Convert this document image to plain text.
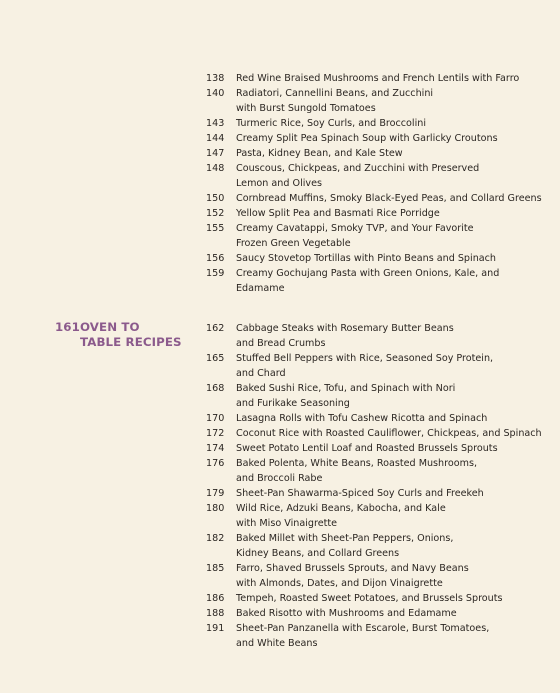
138	Red Wine Braised Mushrooms and French Lentils with Farro
140	Radiatori, Cannellini Beans, and Zucchini
with Burst Sungold Tomatoes
143	Turmeric Rice, Soy Curls, and Broccolini
144	Creamy Split Pea Spinach Soup with Garlicky Croutons
147	Pasta, Kidney Bean, and Kale Stew
148	Couscous, Chickpeas, and Zucchini with Preserved
Lemon and Olives
150	Cornbread Muffins, Smoky Black-Eyed Peas, and Collard Greens
152	Yellow Split Pea and Basmati Rice Porridge
155	Creamy Cavatappi, Smoky TVP, and Your Favorite
Frozen Green Vegetable
156	Saucy Stovetop Tortillas with Pinto Beans and Spinach
159	Creamy Gochujang Pasta with Green Onions, Kale, and
Edamame
161OVEN TO
TABLE RECIPES
162	Cabbage Steaks with Rosemary Butter Beans
and Bread Crumbs
165	Stuffed Bell Peppers with Rice, Seasoned Soy Protein,
and Chard
168	Baked Sushi Rice, Tofu, and Spinach with Nori
and Furikake Seasoning
170	Lasagna Rolls with Tofu Cashew Ricotta and Spinach
172	Coconut Rice with Roasted Cauliflower, Chickpeas, and Spinach
174	Sweet Potato Lentil Loaf and Roasted Brussels Sprouts
176	Baked Polenta, White Beans, Roasted Mushrooms,
and Broccoli Rabe
179	Sheet-Pan Shawarma-Spiced Soy Curls and Freekeh
180	Wild Rice, Adzuki Beans, Kabocha, and Kale
with Miso Vinaigrette
182	Baked Millet with Sheet-Pan Peppers, Onions,
Kidney Beans, and Collard Greens
185	Farro, Shaved Brussels Sprouts, and Navy Beans
with Almonds, Dates, and Dijon Vinaigrette
186	Tempeh, Roasted Sweet Potatoes, and Brussels Sprouts
188	Baked Risotto with Mushrooms and Edamame
191	Sheet-Pan Panzanella with Escarole, Burst Tomatoes,
and White Beans
